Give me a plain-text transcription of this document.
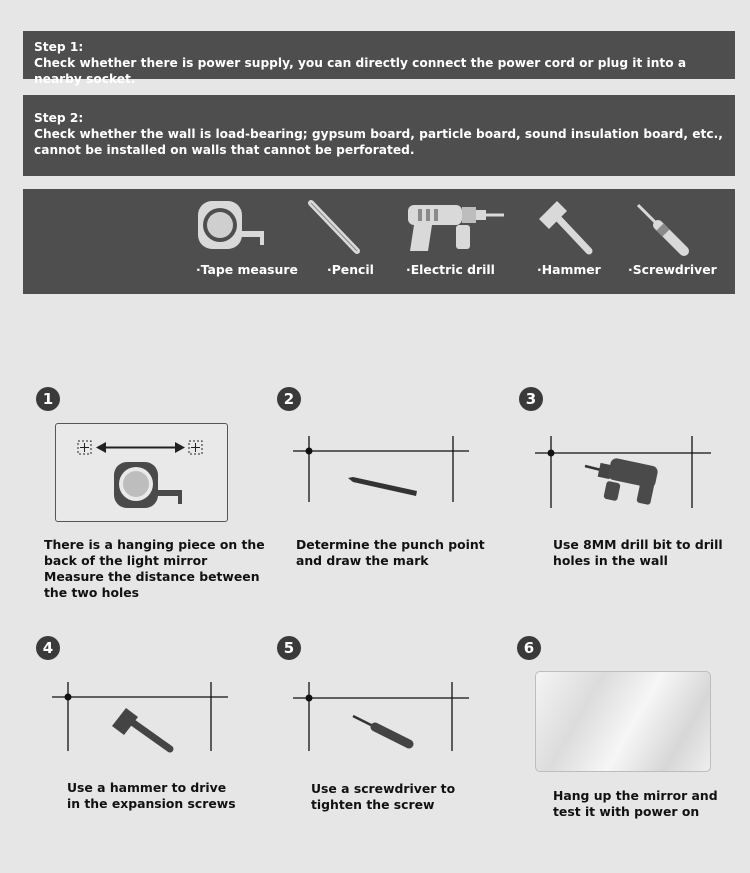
Step 1:
Check whether there is power supply, you can directly connect the power cord or plug it into a nearby socket.
Step 2:
Check whether the wall is load-bearing; gypsum board, particle board, sound insulation board, etc., cannot be installed on walls that cannot be perforated.
·Tape measure ·Pencil	·Electric drill	·Hammer ·Screwdriver
1
There is a hanging piece on the
back of the light mirror
Measure the distance between
the two holes
2
Determine the punch point
and draw the mark
3
Use 8MM drill bit to drill
holes in the wall
4
Use a hammer to drive
in the expansion screws
5
Use a screwdriver to
tighten the screw
6
Hang up the mirror and
test it with power on
